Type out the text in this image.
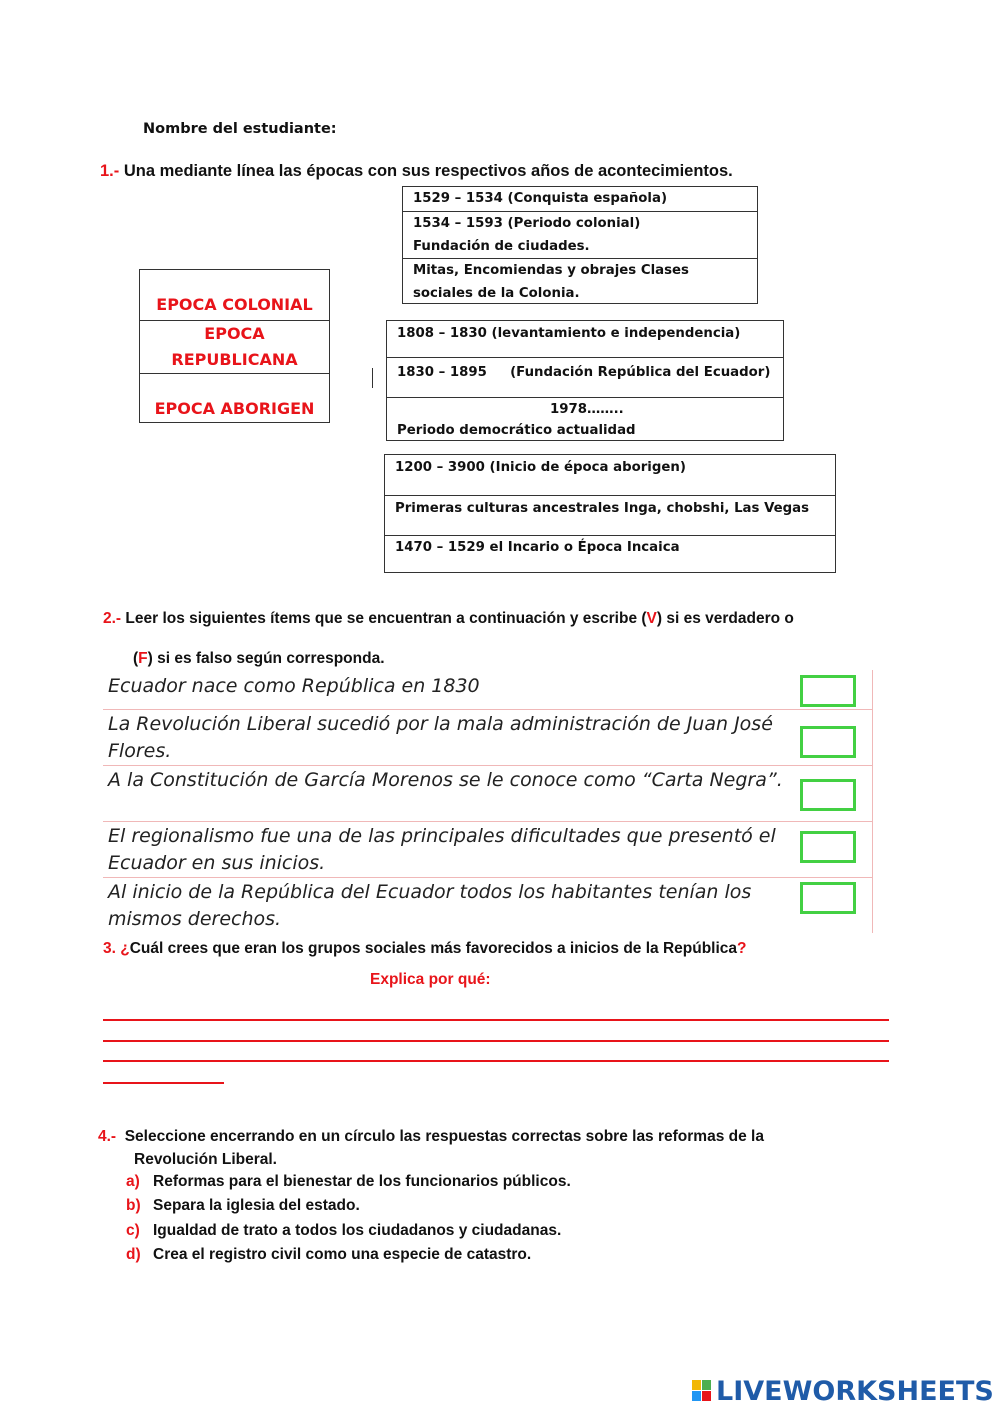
Nombre del estudiante:
1.- Una mediante línea las épocas con sus respectivos años de acontecimientos.
1529 – 1534 (Conquista española)
1534 – 1593 (Periodo colonial)
Fundación de ciudades.
Mitas, Encomiendas y obrajes Clases
sociales de la Colonia.
EPOCA COLONIAL
EPOCA REPUBLICANA
EPOCA ABORIGEN
1808 – 1830 (levantamiento e independencia)
1830 – 1895     (Fundación República del Ecuador)
1978……..
Periodo democrático actualidad
1200 – 3900 (Inicio de época aborigen)
Primeras culturas ancestrales Inga, chobshi, Las Vegas
1470 – 1529 el Incario o Época Incaica
2.- Leer los siguientes ítems que se encuentran a continuación y escribe (V) si es verdadero o
(F) si es falso según corresponda.
Ecuador nace como República en 1830
La Revolución Liberal sucedió por la mala administración de Juan José Flores.
A la Constitución de García Morenos se le conoce como “Carta Negra”.
El regionalismo fue una de las principales dificultades que presentó el Ecuador en sus inicios.
Al inicio de la República del Ecuador todos los habitantes tenían los mismos derechos.
3. ¿Cuál crees que eran los grupos sociales más favorecidos a inicios de la República?
Explica por qué:
4.- Seleccione encerrando en un círculo las respuestas correctas sobre las reformas de la
Revolución Liberal.
a) Reformas para el bienestar de los funcionarios públicos.
b) Separa la iglesia del estado.
c) Igualdad de trato a todos los ciudadanos y ciudadanas.
d) Crea el registro civil como una especie de catastro.
LIVEWORKSHEETS
